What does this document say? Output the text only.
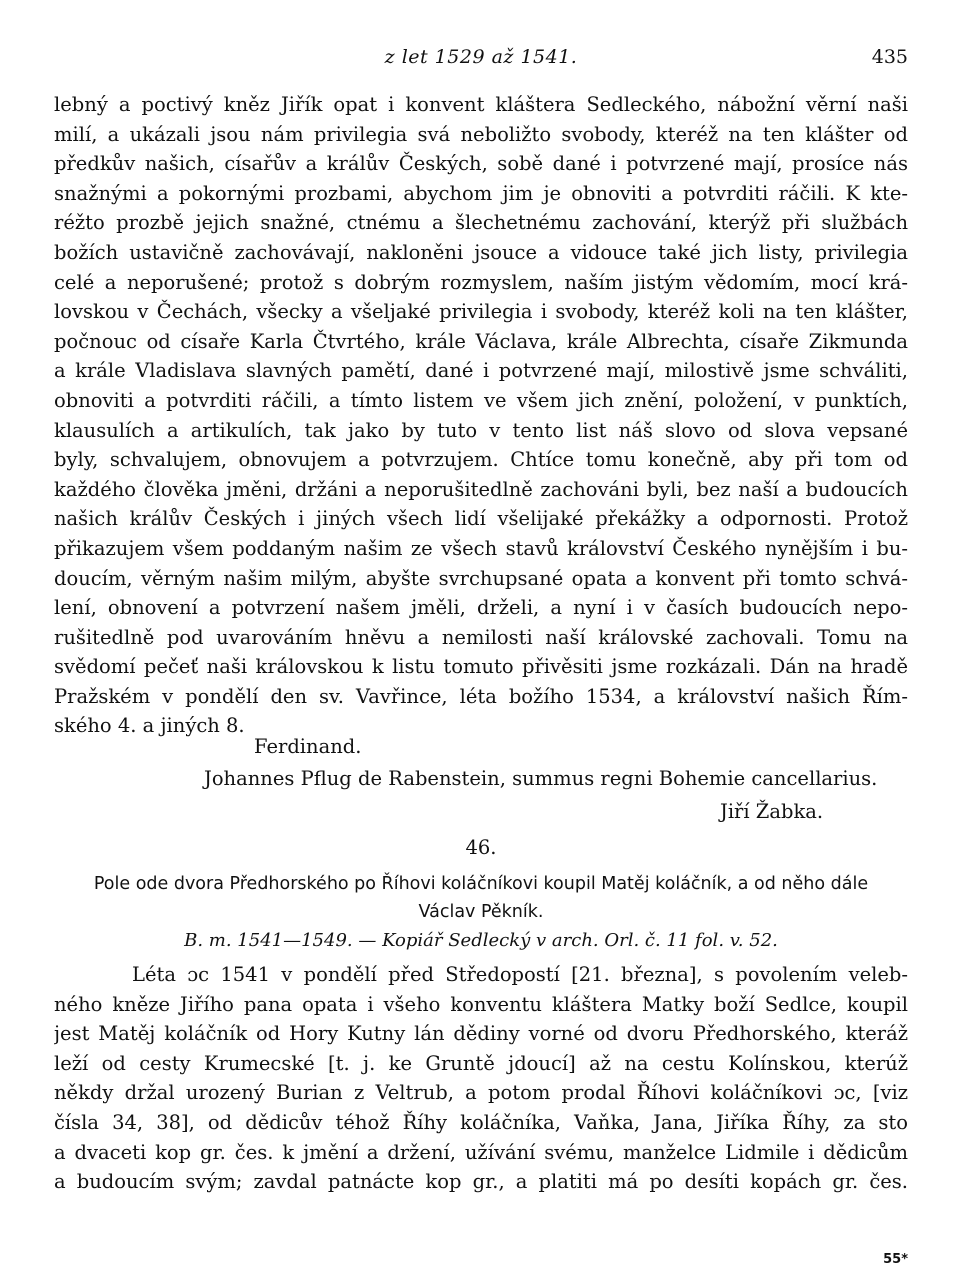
z let 1529 až 1541.	435
lebný a poctivý kněz Jiřík opat i konvent kláštera Sedleckého, nábožní věrní naši
milí, a ukázali jsou nám privilegia svá neboližto svobody, kteréž na ten klášter od
předkův našich, císařův a králův Českých, sobě dané i potvrzené mají, prosíce nás
snažnými a pokornými prozbami, abychom jim je obnoviti a potvrditi ráčili. K kte-
réžto prozbě jejich snažné, ctnému a šlechetnému zachování, kterýž při službách
božích ustavičně zachovávají, nakloněni jsouce a vidouce také jich listy, privilegia
celé a neporušené; protož s dobrým rozmyslem, naším jistým vědomím, mocí krá-
lovskou v Čechách, všecky a všeljaké privilegia i svobody, kteréž koli na ten klášter,
počnouc od císaře Karla Čtvrtého, krále Václava, krále Albrechta, císaře Zikmunda
a krále Vladislava slavných pamětí, dané i potvrzené mají, milostivě jsme schváliti,
obnoviti a potvrditi ráčili, a tímto listem ve všem jich znění, položení, v punktích,
klausulích a artikulích, tak jako by tuto v tento list náš slovo od slova vepsané
byly, schvalujem, obnovujem a potvrzujem. Chtíce tomu konečně, aby při tom od
každého člověka jměni, držáni a neporušitedlně zachováni byli, bez naší a budoucích
našich králův Českých i jiných všech lidí všelijaké překážky a odpornosti. Protož
přikazujem všem poddaným našim ze všech stavů království Českého nynějším i bu-
doucím, věrným našim milým, abyšte svrchupsané opata a konvent při tomto schvá-
lení, obnovení a potvrzení našem jměli, drželi, a nyní i v časích budoucích nepo-
rušitedlně pod uvarováním hněvu a nemilosti naší královské zachovali. Tomu na
svědomí pečeť naši královskou k listu tomuto přivěsiti jsme rozkázali. Dán na hradě
Pražském v pondělí den sv. Vavřince, léta božího 1534, a království našich Řím-
ského 4. a jiných 8.
Ferdinand.
Johannes Pflug de Rabenstein, summus regni Bohemie cancellarius.
Jiří Žabka.
46.
Pole ode dvora Předhorského po Říhovi koláčníkovi koupil Matěj koláčník, a od něho dále
Václav Pěkník.
B. m. 1541—1549. — Kopiář Sedlecký v arch. Orl. č. 11 fol. v. 52.
Léta ɔc 1541 v pondělí před Středopostí [21. března], s povolením veleb-
ného kněze Jiřího pana opata i všeho konventu kláštera Matky boží Sedlce, koupil
jest Matěj koláčník od Hory Kutny lán dědiny vorné od dvoru Předhorského, kteráž
leží od cesty Krumecské [t. j. ke Gruntě jdoucí] až na cestu Kolínskou, kterúž
někdy držal urozený Burian z Veltrub, a potom prodal Říhovi koláčníkovi ɔc, [viz
čísla 34, 38], od dědicův téhož Říhy koláčníka, Vaňka, Jana, Jiříka Říhy, za sto
a dvaceti kop gr. čes. k jmění a držení, užívání svému, manželce Lidmile i dědicům
a budoucím svým; zavdal patnácte kop gr., a platiti má po desíti kopách gr. čes.
55*
